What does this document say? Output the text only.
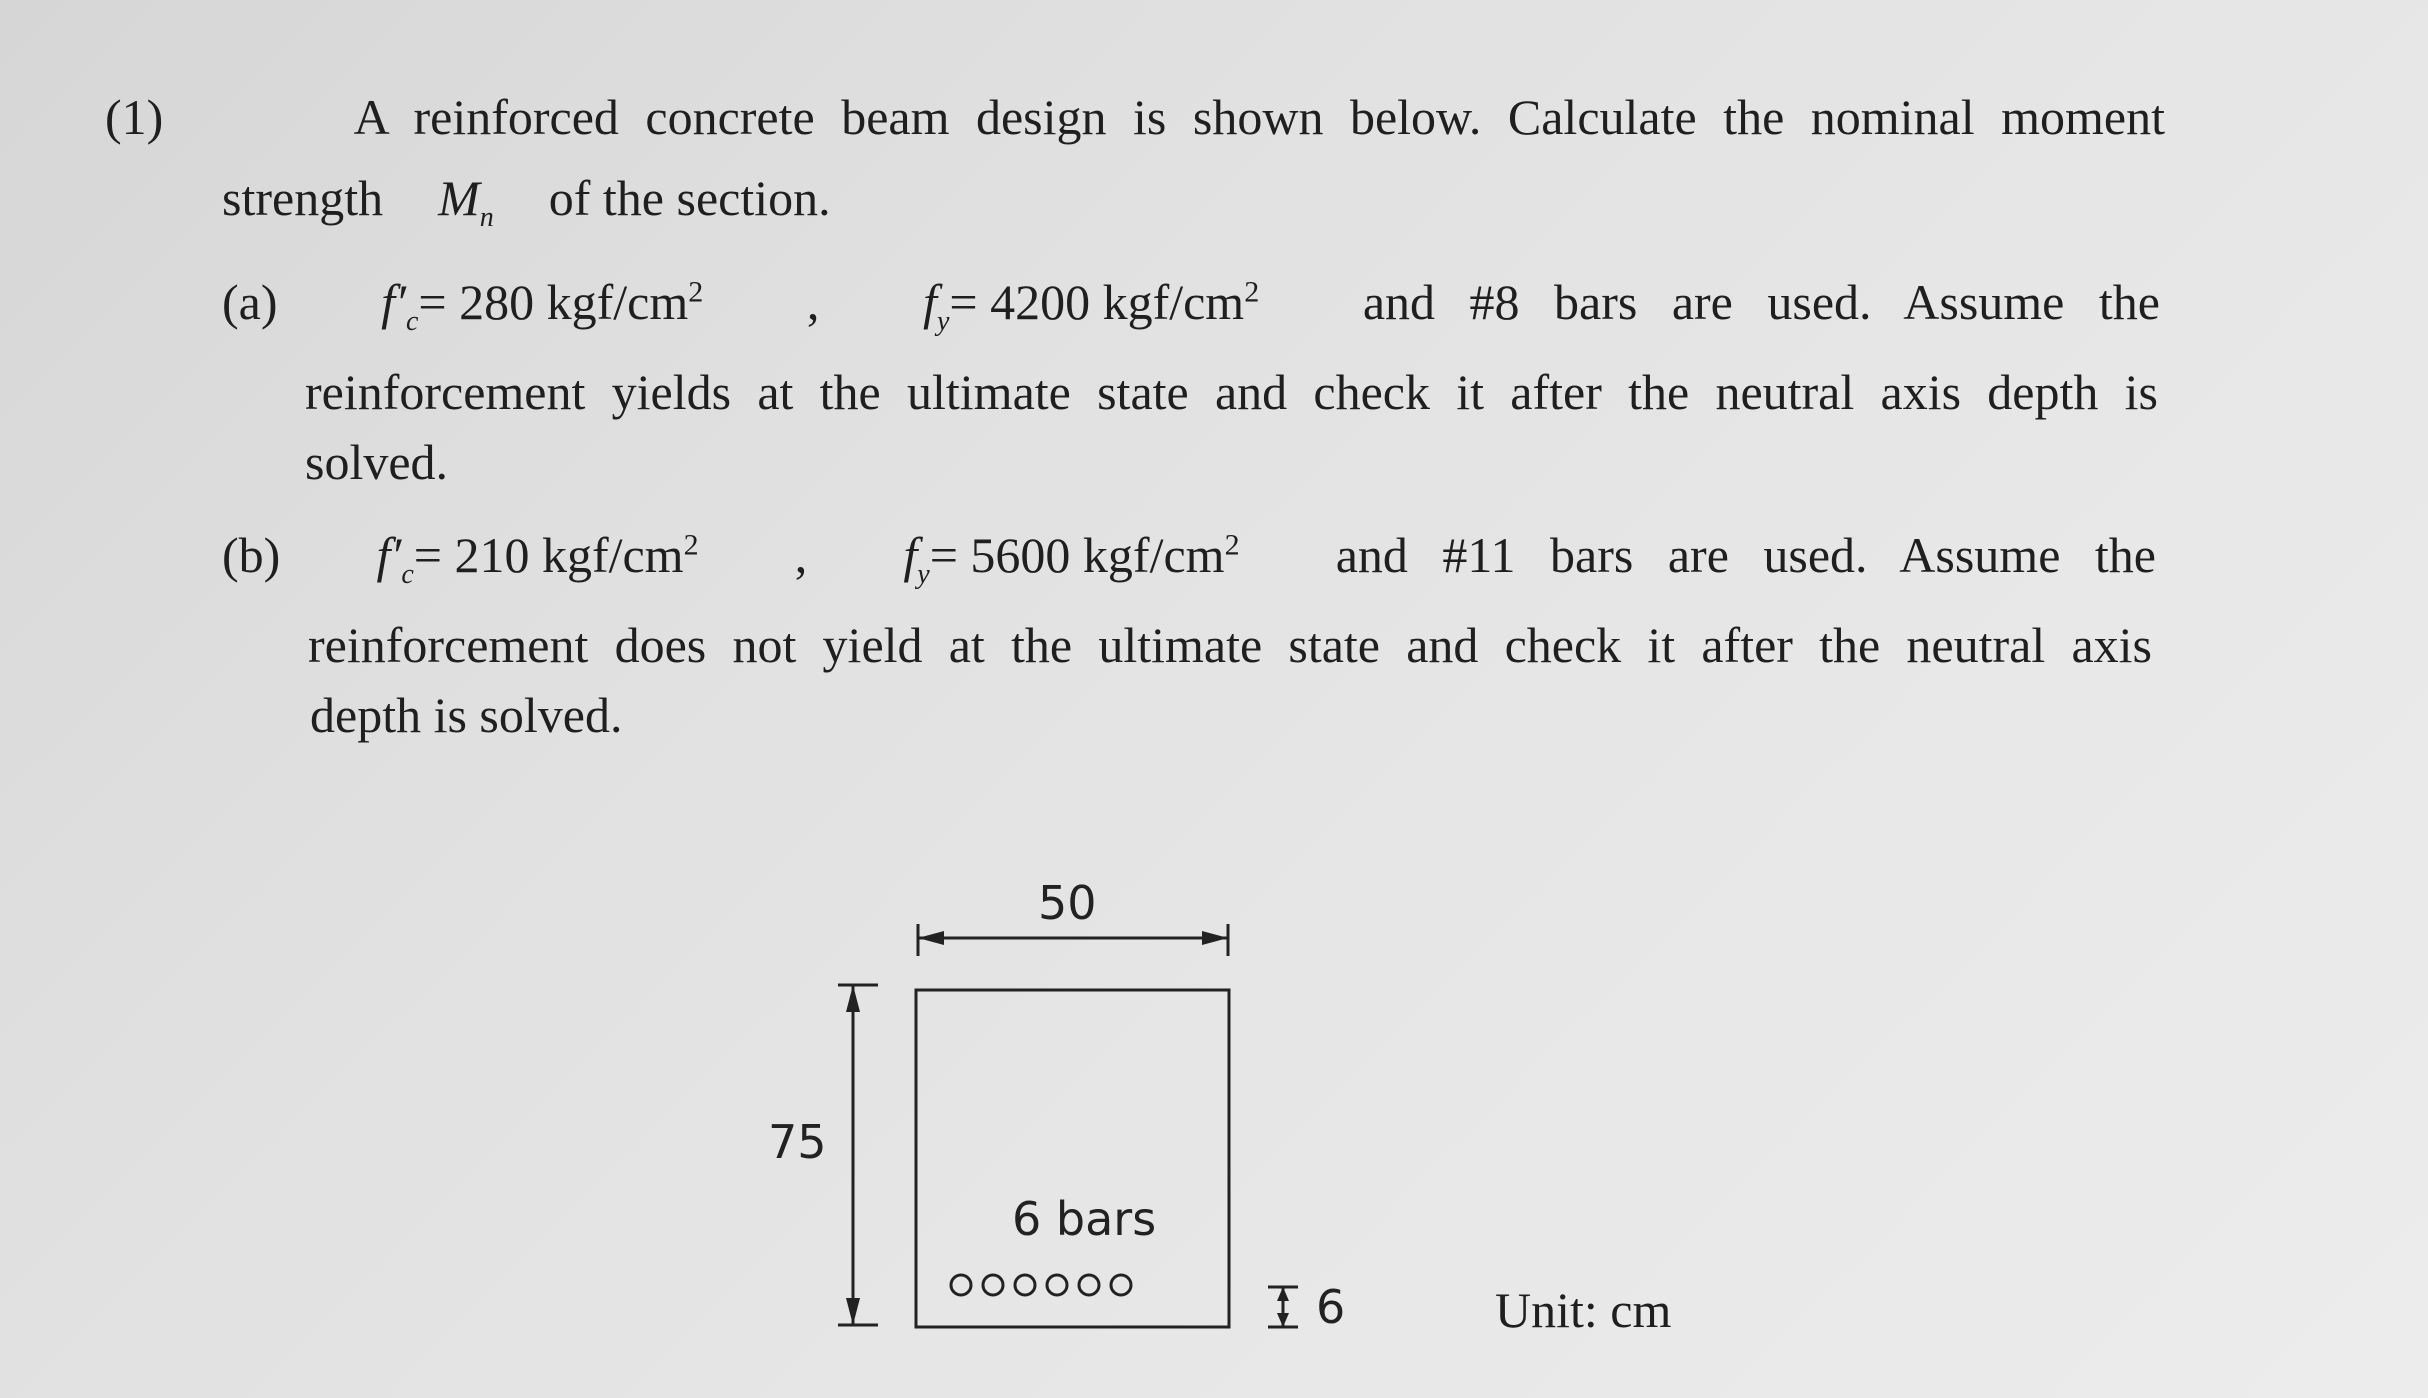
(1)	A reinforced concrete beam design is shown below. Calculate the nominal moment
strength $M_n$ of the section.
(a) $f'_c= 280$ kgf/$cm^2$ , $f_y= 4200$ kgf/$cm^2$ and #8 bars are used. Assume the
reinforcement yields at the ultimate state and check it after the neutral axis depth is
solved.
(b) $f'_c= 210$ kgf/$cm^2$ , $f_y= 5600$ kgf/$cm^2$ and #11 bars are used. Assume the
reinforcement does not yield at the ultimate state and check it after the neutral axis
depth is solved.
50
75
6 bars
6	Unit: cm
